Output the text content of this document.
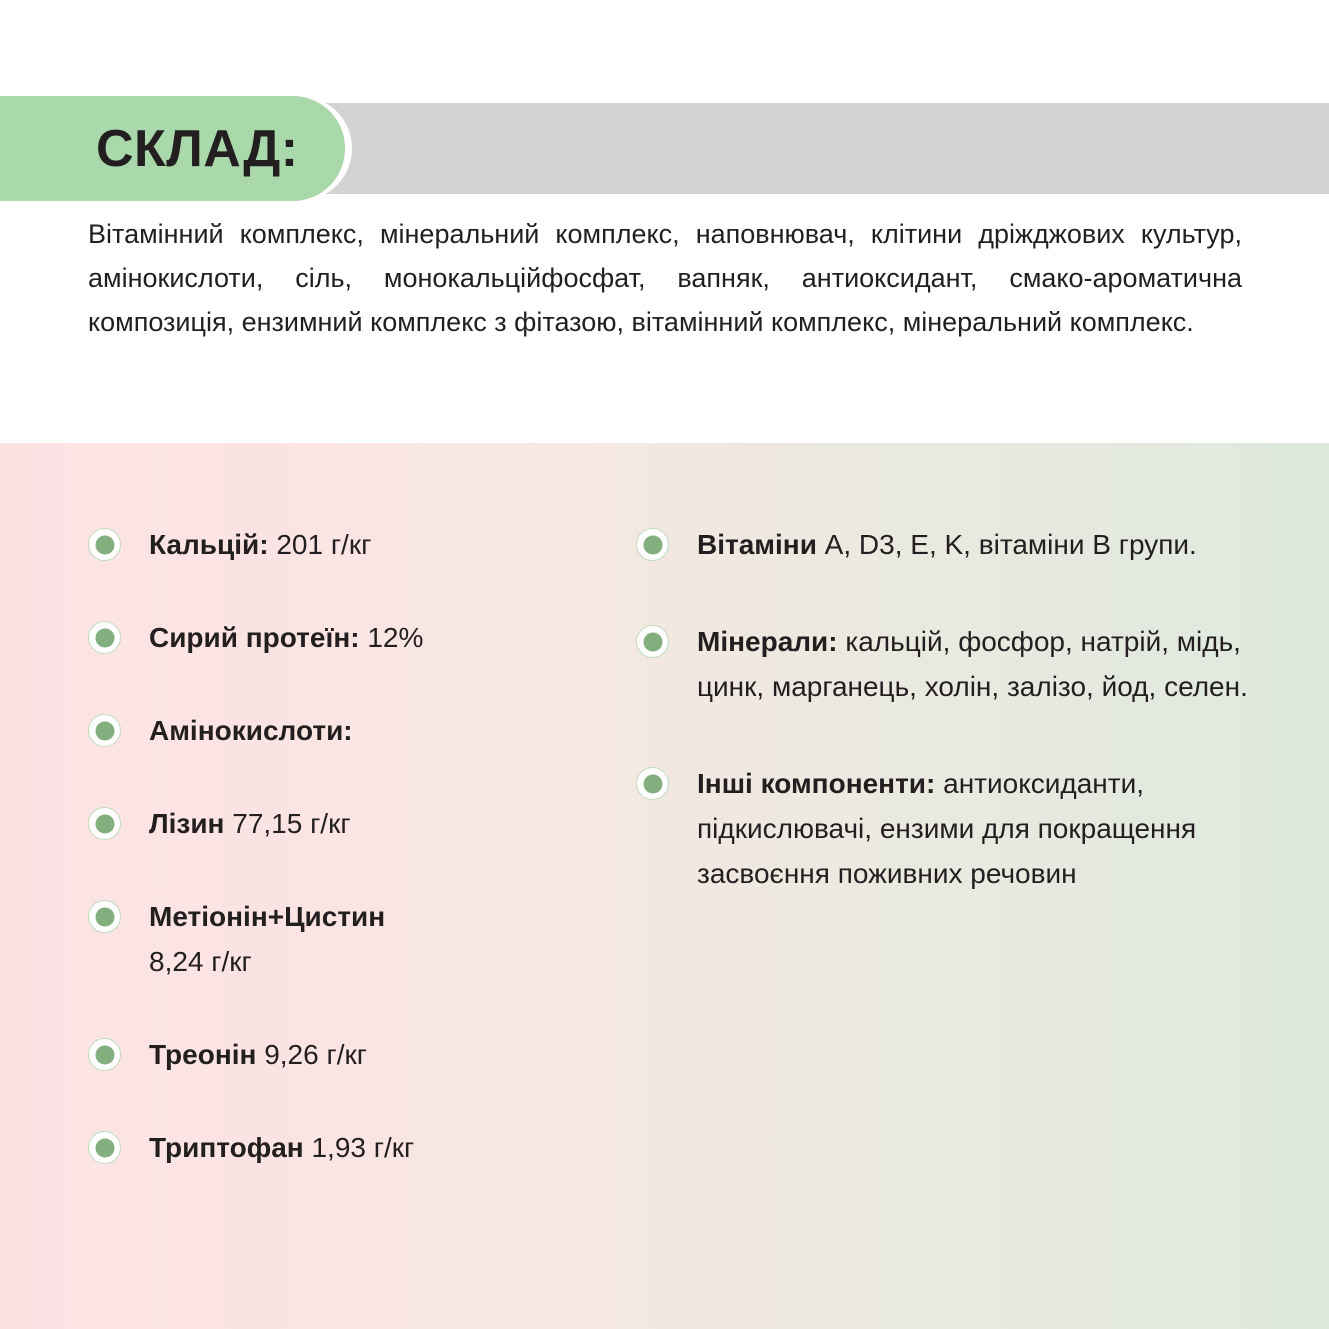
СКЛАД:
Вітамінний комплекс, мінеральний комплекс, наповнювач, клітини дріжджових культур, амінокислоти, сіль, монокальційфосфат, вапняк, антиоксидант, смако-ароматична композиція, ензимний комплекс з фітазою, вітамінний комплекс, мінеральний комплекс.
Кальцій: 201 г/кг
Сирий протеїн: 12%
Амінокислоти:
Лізин 77,15 г/кг
Метіонін+Цистин
8,24 г/кг
Треонін 9,26 г/кг
Триптофан 1,93 г/кг
Вітаміни A, D3, E, K, вітаміни B групи.
Мінерали: кальцій, фосфор, натрій, мідь, цинк, марганець, холін, залізо, йод, селен.
Інші компоненти: антиоксиданти, підкислювачі, ензими для покращення засвоєння поживних речовин
